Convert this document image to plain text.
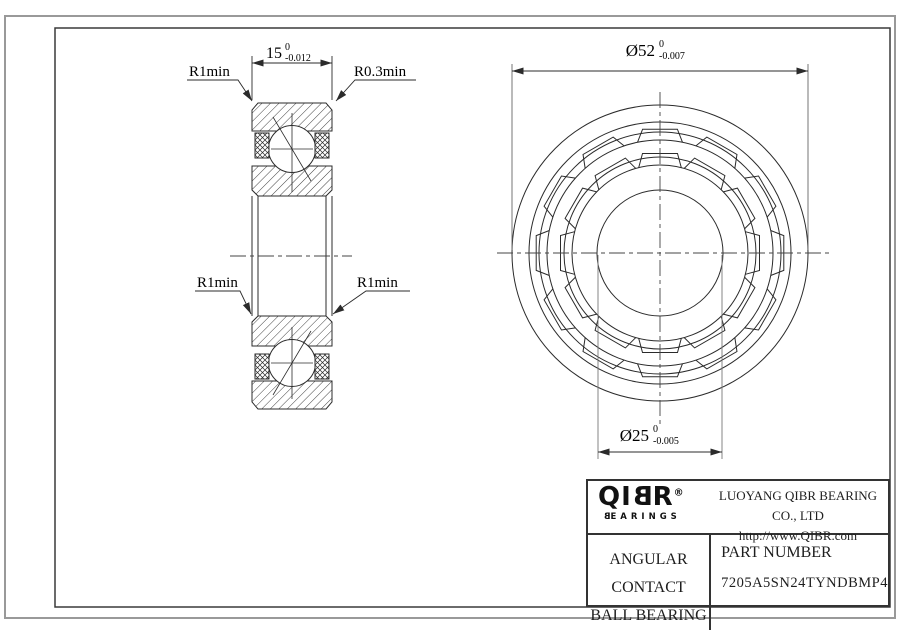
15 0
-0.012
R1min	R0.3min
R1min	R1min
Ø52 0
-0.007
Ø25 0
-0.005
QIBR®
BEARINGS
LUOYANG QIBR BEARING CO., LTD
http://www.QIBR.com
ANGULAR CONTACT
BALL BEARING
PART NUMBER
7205A5SN24TYNDBMP4
